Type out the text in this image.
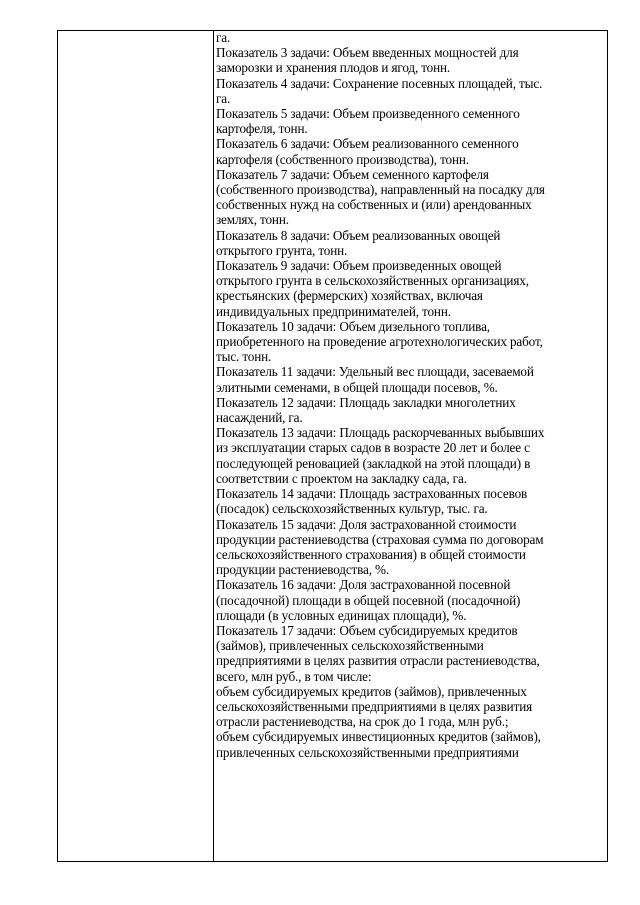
га.
Показатель 3 задачи: Объем введенных мощностей для
заморозки и хранения плодов и ягод, тонн.
Показатель 4 задачи: Сохранение посевных площадей, тыс.
га.
Показатель 5 задачи: Объем произведенного семенного
картофеля, тонн.
Показатель 6 задачи: Объем реализованного семенного
картофеля (собственного производства), тонн.
Показатель 7 задачи: Объем семенного картофеля
(собственного производства), направленный на посадку для
собственных нужд на собственных и (или) арендованных
землях, тонн.
Показатель 8 задачи: Объем реализованных овощей
открытого грунта, тонн.
Показатель 9 задачи: Объем произведенных овощей
открытого грунта в сельскохозяйственных организациях,
крестьянских (фермерских) хозяйствах, включая
индивидуальных предпринимателей, тонн.
Показатель 10 задачи: Объем дизельного топлива,
приобретенного на проведение агротехнологических работ,
тыс. тонн.
Показатель 11 задачи: Удельный вес площади, засеваемой
элитными семенами, в общей площади посевов, %.
Показатель 12 задачи: Площадь закладки многолетних
насаждений, га.
Показатель 13 задачи: Площадь раскорчеванных выбывших
из эксплуатации старых садов в возрасте 20 лет и более с
последующей реновацией (закладкой на этой площади) в
соответствии с проектом на закладку сада, га.
Показатель 14 задачи: Площадь застрахованных посевов
(посадок) сельскохозяйственных культур, тыс. га.
Показатель 15 задачи: Доля застрахованной стоимости
продукции растениеводства (страховая сумма по договорам
сельскохозяйственного страхования) в общей стоимости
продукции растениеводства, %.
Показатель 16 задачи: Доля застрахованной посевной
(посадочной) площади в общей посевной (посадочной)
площади (в условных единицах площади), %.
Показатель 17 задачи: Объем субсидируемых кредитов
(займов), привлеченных сельскохозяйственными
предприятиями в целях развития отрасли растениеводства,
всего, млн руб., в том числе:
объем субсидируемых кредитов (займов), привлеченных
сельскохозяйственными предприятиями в целях развития
отрасли растениеводства, на срок до 1 года, млн руб.;
объем субсидируемых инвестиционных кредитов (займов),
привлеченных сельскохозяйственными предприятиями
